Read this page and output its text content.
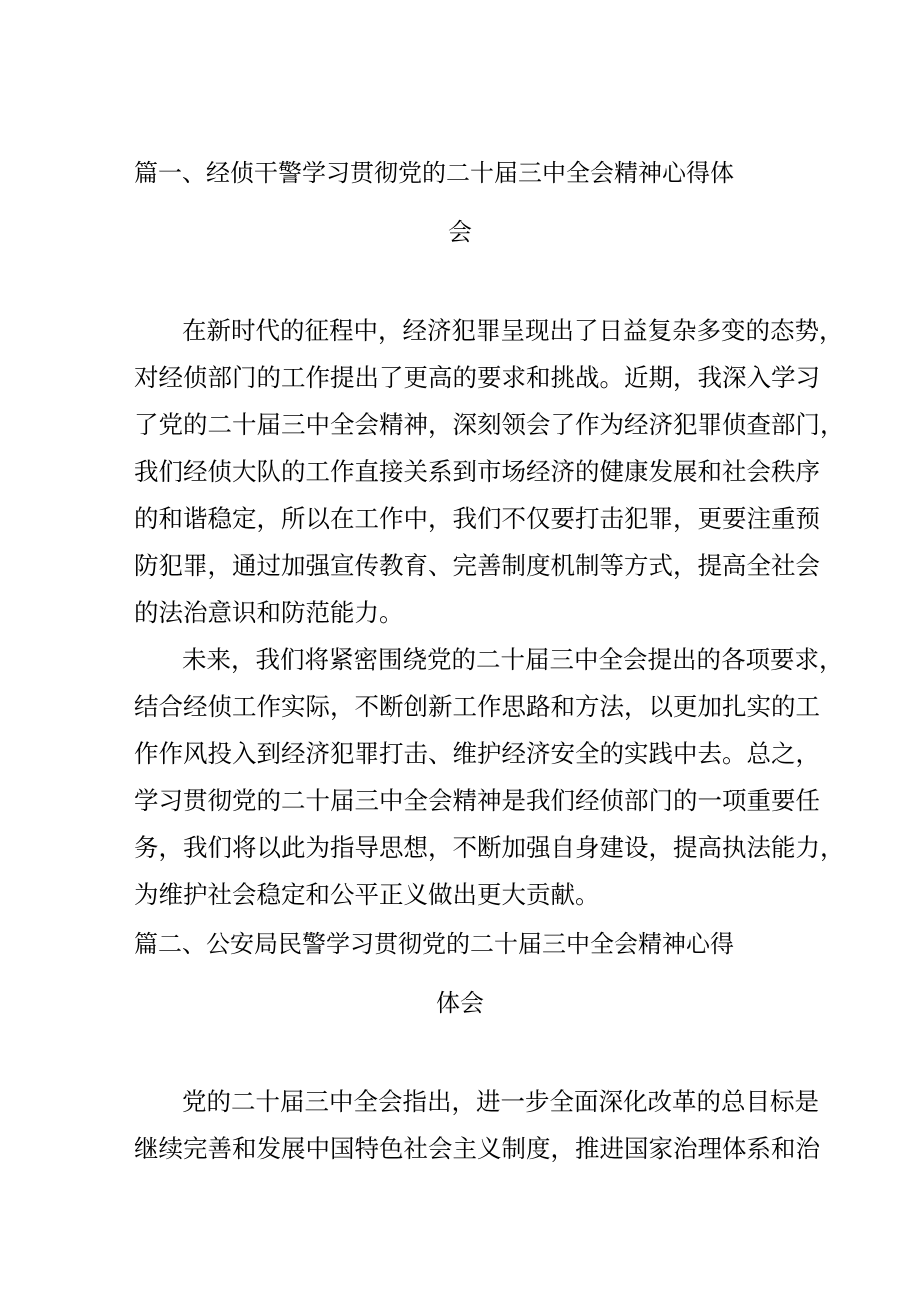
篇一、经侦干警学习贯彻党的二十届三中全会精神心得体
会
在新时代的征程中，经济犯罪呈现出了日益复杂多变的态势，
对经侦部门的工作提出了更高的要求和挑战。近期，我深入学习
了党的二十届三中全会精神，深刻领会了作为经济犯罪侦查部门，
我们经侦大队的工作直接关系到市场经济的健康发展和社会秩序
的和谐稳定，所以在工作中，我们不仅要打击犯罪，更要注重预
防犯罪，通过加强宣传教育、完善制度机制等方式，提高全社会
的法治意识和防范能力。
未来，我们将紧密围绕党的二十届三中全会提出的各项要求，
结合经侦工作实际，不断创新工作思路和方法，以更加扎实的工
作作风投入到经济犯罪打击、维护经济安全的实践中去。总之，
学习贯彻党的二十届三中全会精神是我们经侦部门的一项重要任
务，我们将以此为指导思想，不断加强自身建设，提高执法能力，
为维护社会稳定和公平正义做出更大贡献。
篇二、公安局民警学习贯彻党的二十届三中全会精神心得
体会
党的二十届三中全会指出，进一步全面深化改革的总目标是
继续完善和发展中国特色社会主义制度，推进国家治理体系和治
